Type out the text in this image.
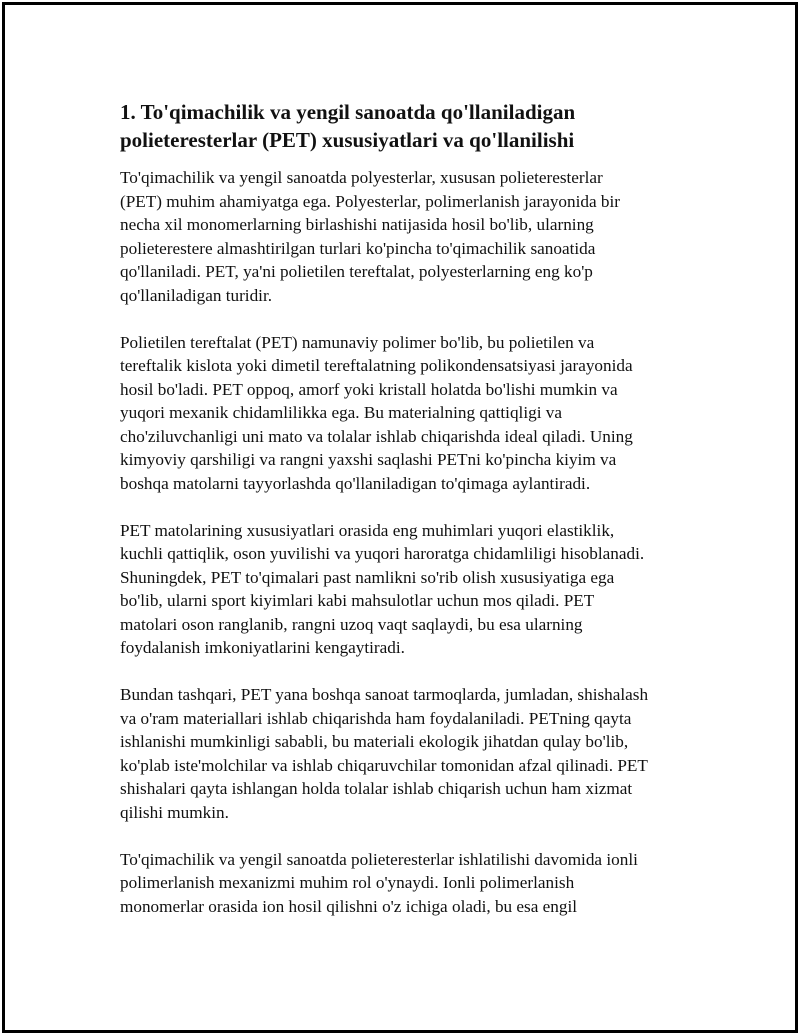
1. To'qimachilik va yengil sanoatda qo'llaniladigan
polieteresterlar (PET) xususiyatlari va qo'llanilishi

To'qimachilik va yengil sanoatda polyesterlar, xususan polieteresterlar
(PET) muhim ahamiyatga ega. Polyesterlar, polimerlanish jarayonida bir
necha xil monomerlarning birlashishi natijasida hosil bo'lib, ularning
polieterestere almashtirilgan turlari ko'pincha to'qimachilik sanoatida
qo'llaniladi. PET, ya'ni polietilen tereftalat, polyesterlarning eng ko'p
qo'llaniladigan turidir.

Polietilen tereftalat (PET) namunaviy polimer bo'lib, bu polietilen va
tereftalik kislota yoki dimetil tereftalatning polikondensatsiyasi jarayonida
hosil bo'ladi. PET oppoq, amorf yoki kristall holatda bo'lishi mumkin va
yuqori mexanik chidamlilikka ega. Bu materialning qattiqligi va
cho'ziluvchanligi uni mato va tolalar ishlab chiqarishda ideal qiladi. Uning
kimyoviy qarshiligi va rangni yaxshi saqlashi PETni ko'pincha kiyim va
boshqa matolarni tayyorlashda qo'llaniladigan to'qimaga aylantiradi.

PET matolarining xususiyatlari orasida eng muhimlari yuqori elastiklik,
kuchli qattiqlik, oson yuvilishi va yuqori haroratga chidamliligi hisoblanadi.
Shuningdek, PET to'qimalari past namlikni so'rib olish xususiyatiga ega
bo'lib, ularni sport kiyimlari kabi mahsulotlar uchun mos qiladi. PET
matolari oson ranglanib, rangni uzoq vaqt saqlaydi, bu esa ularning
foydalanish imkoniyatlarini kengaytiradi.

Bundan tashqari, PET yana boshqa sanoat tarmoqlarda, jumladan, shishalash
va o'ram materiallari ishlab chiqarishda ham foydalaniladi. PETning qayta
ishlanishi mumkinligi sababli, bu materiali ekologik jihatdan qulay bo'lib,
ko'plab iste'molchilar va ishlab chiqaruvchilar tomonidan afzal qilinadi. PET
shishalari qayta ishlangan holda tolalar ishlab chiqarish uchun ham xizmat
qilishi mumkin.

To'qimachilik va yengil sanoatda polieteresterlar ishlatilishi davomida ionli
polimerlanish mexanizmi muhim rol o'ynaydi. Ionli polimerlanish
monomerlar orasida ion hosil qilishni o'z ichiga oladi, bu esa engil
